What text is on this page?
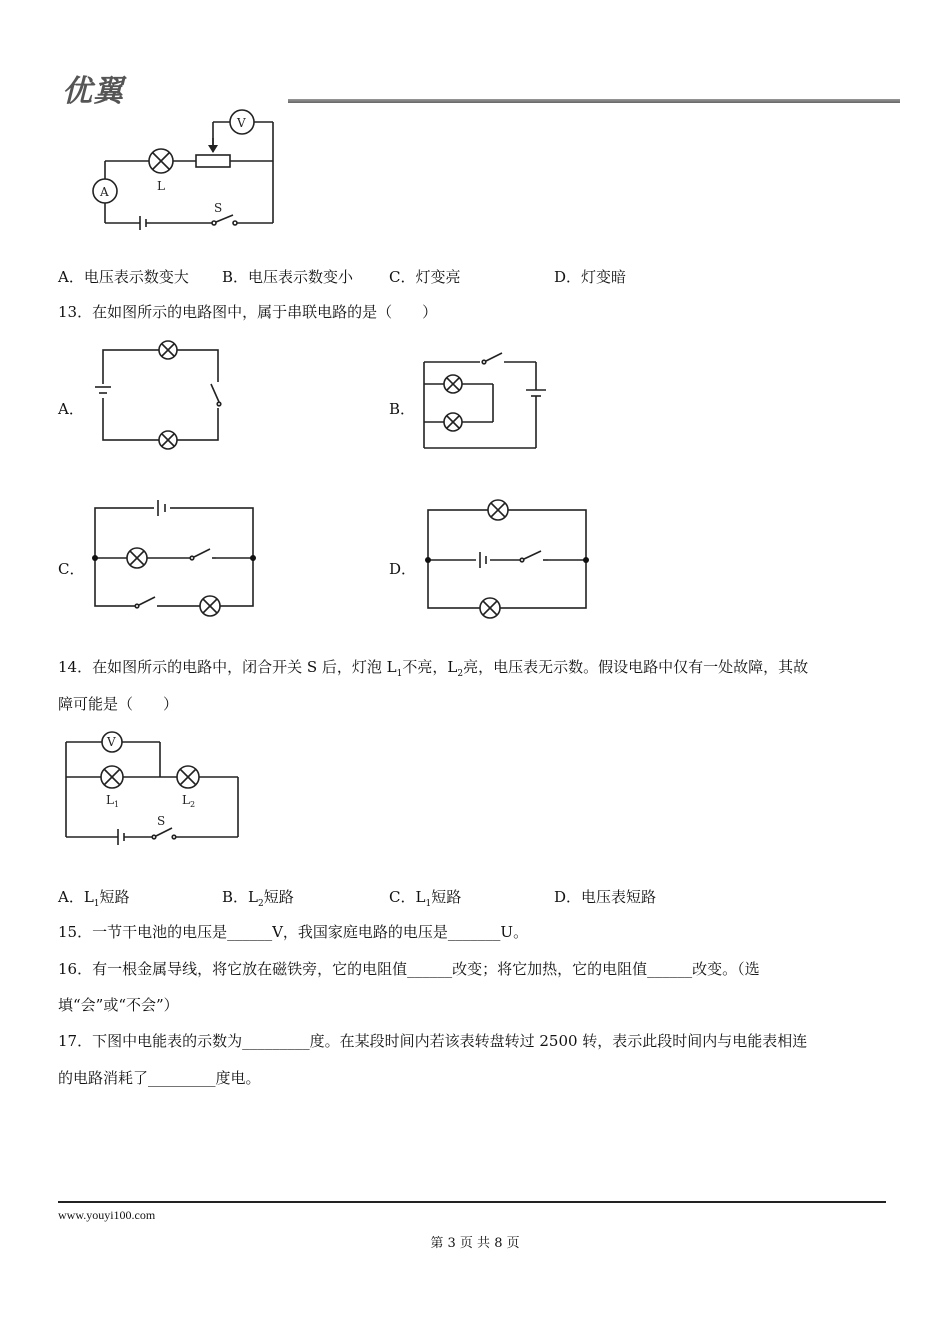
优翼
V
L
A
S
A．电压表示数变大 B．电压表示数变小 C．灯变亮	D．灯变暗
13．在如图所示的电路图中，属于串联电路的是（　　）
A．	B．
C．	D．
14．在如图所示的电路中，闭合开关 S 后，灯泡 $L_1$不亮，$L_2$亮，电压表无示数。假设电路中仅有一处故障，其故
障可能是（　　）
V
$L_1$	$L_2$
S
A．$L_1$短路	B．$L_2$短路	C．$L_1$短路	D．电压表短路
15．一节干电池的电压是______V，我国家庭电路的电压是_______U。
16．有一根金属导线，将它放在磁铁旁，它的电阻值______改变；将它加热，它的电阻值______改变。（选
填“会”或“不会”）
17．下图中电能表的示数为_________度。在某段时间内若该表转盘转过 2500 转，表示此段时间内与电能表相连
的电路消耗了_________度电。
www.youyi100.com
第 3 页 共 8 页
